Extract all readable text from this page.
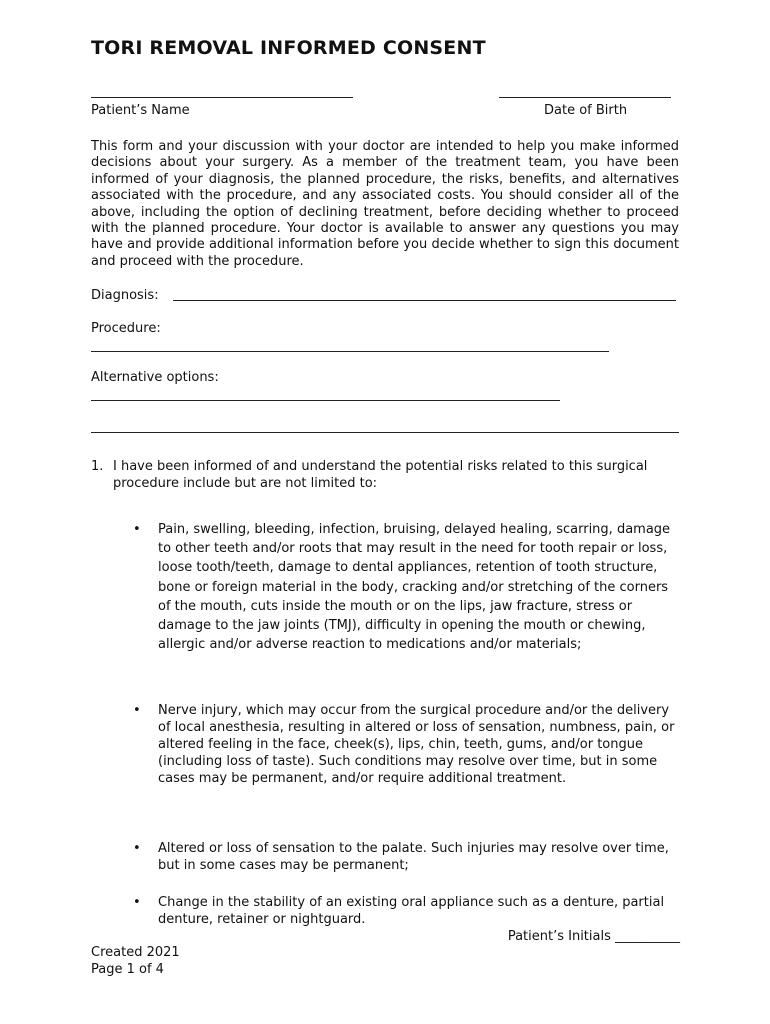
TORI REMOVAL INFORMED CONSENT
Patient’s Name	Date of Birth

This form and your discussion with your doctor are intended to help you make informed decisions about your surgery. As a member of the treatment team, you have been informed of your diagnosis, the planned procedure, the risks, benefits, and alternatives associated with the procedure, and any associated costs. You should consider all of the above, including the option of declining treatment, before deciding whether to proceed with the planned procedure. Your doctor is available to answer any questions you may have and provide additional information before you decide whether to sign this document and proceed with the procedure.

Diagnosis:
Procedure:
Alternative options:
1. I have been informed of and understand the potential risks related to this surgical procedure include but are not limited to:
• Pain, swelling, bleeding, infection, bruising, delayed healing, scarring, damage to other teeth and/or roots that may result in the need for tooth repair or loss, loose tooth/teeth, damage to dental appliances, retention of tooth structure, bone or foreign material in the body, cracking and/or stretching of the corners of the mouth, cuts inside the mouth or on the lips, jaw fracture, stress or damage to the jaw joints (TMJ), difficulty in opening the mouth or chewing, allergic and/or adverse reaction to medications and/or materials;

• Nerve injury, which may occur from the surgical procedure and/or the delivery of local anesthesia, resulting in altered or loss of sensation, numbness, pain, or altered feeling in the face, cheek(s), lips, chin, teeth, gums, and/or tongue (including loss of taste). Such conditions may resolve over time, but in some cases may be permanent, and/or require additional treatment.

• Altered or loss of sensation to the palate. Such injuries may resolve over time, but in some cases may be permanent;

• Change in the stability of an existing oral appliance such as a denture, partial denture, retainer or nightguard.

Patient’s Initials __________
Created 2021
Page 1 of 4
